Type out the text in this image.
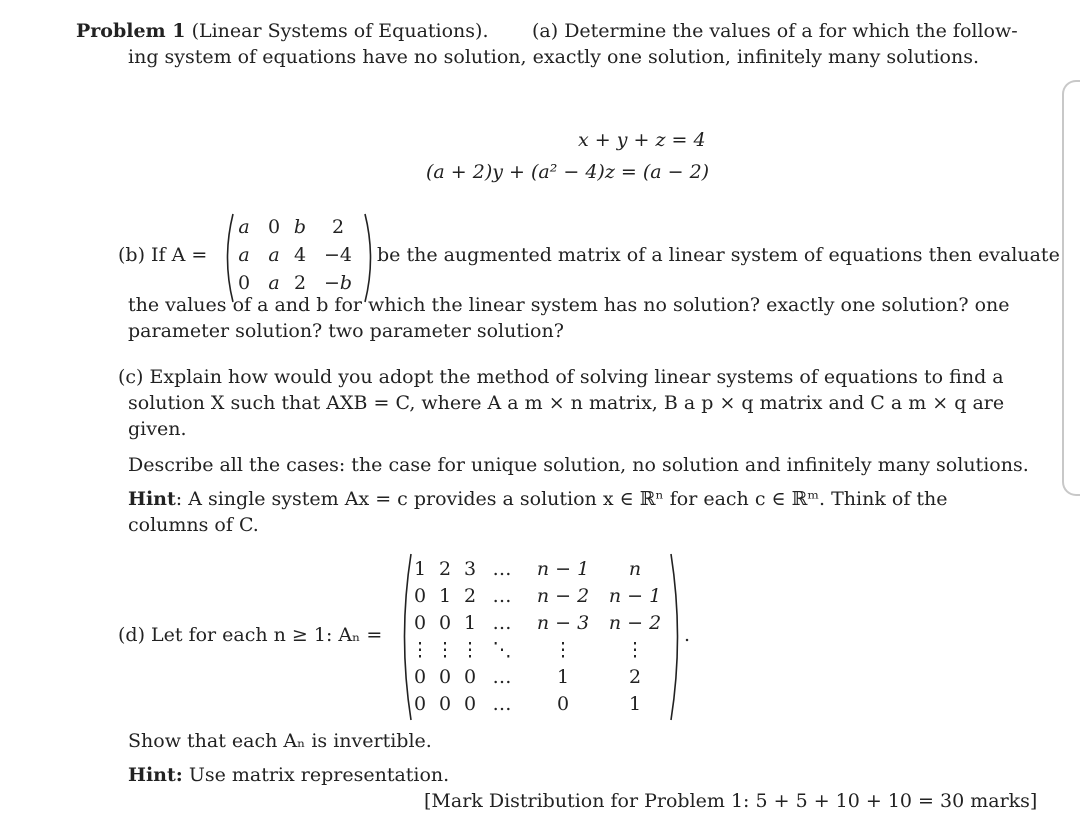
Problem 1 (Linear Systems of Equations). (a) Determine the values of a for which the follow-
ing system of equations have no solution, exactly one solution, infinitely many solutions.
x + y + z = 4
(a + 2)y + (a² − 4)z = (a − 2)
(b) If A =
a 0 b	2
a a 4 −4
0 a 2 −b
be the augmented matrix of a linear system of equations then evaluate
the values of a and b for which the linear system has no solution? exactly one solution? one
parameter solution? two parameter solution?
(c) Explain how would you adopt the method of solving linear systems of equations to find a
solution X such that AXB = C, where A a m × n matrix, B a p × q matrix and C a m × q are
given.
Describe all the cases: the case for unique solution, no solution and infinitely many solutions.
Hint: A single system Ax = c provides a solution x ∈ ℝⁿ for each c ∈ ℝᵐ. Think of the
columns of C.
(d) Let for each n ≥ 1: Aₙ =
1 2 3 …	n − 1	n
0 1 2 …	n − 2	n − 1
0 0 1 …	n − 3	n − 2
⋮ ⋮ ⋮ ⋱	⋮	⋮
0 0 0 …	1	2
0 0 0 …	0	1
.
Show that each Aₙ is invertible.
Hint: Use matrix representation.
[Mark Distribution for Problem 1: 5 + 5 + 10 + 10 = 30 marks]
